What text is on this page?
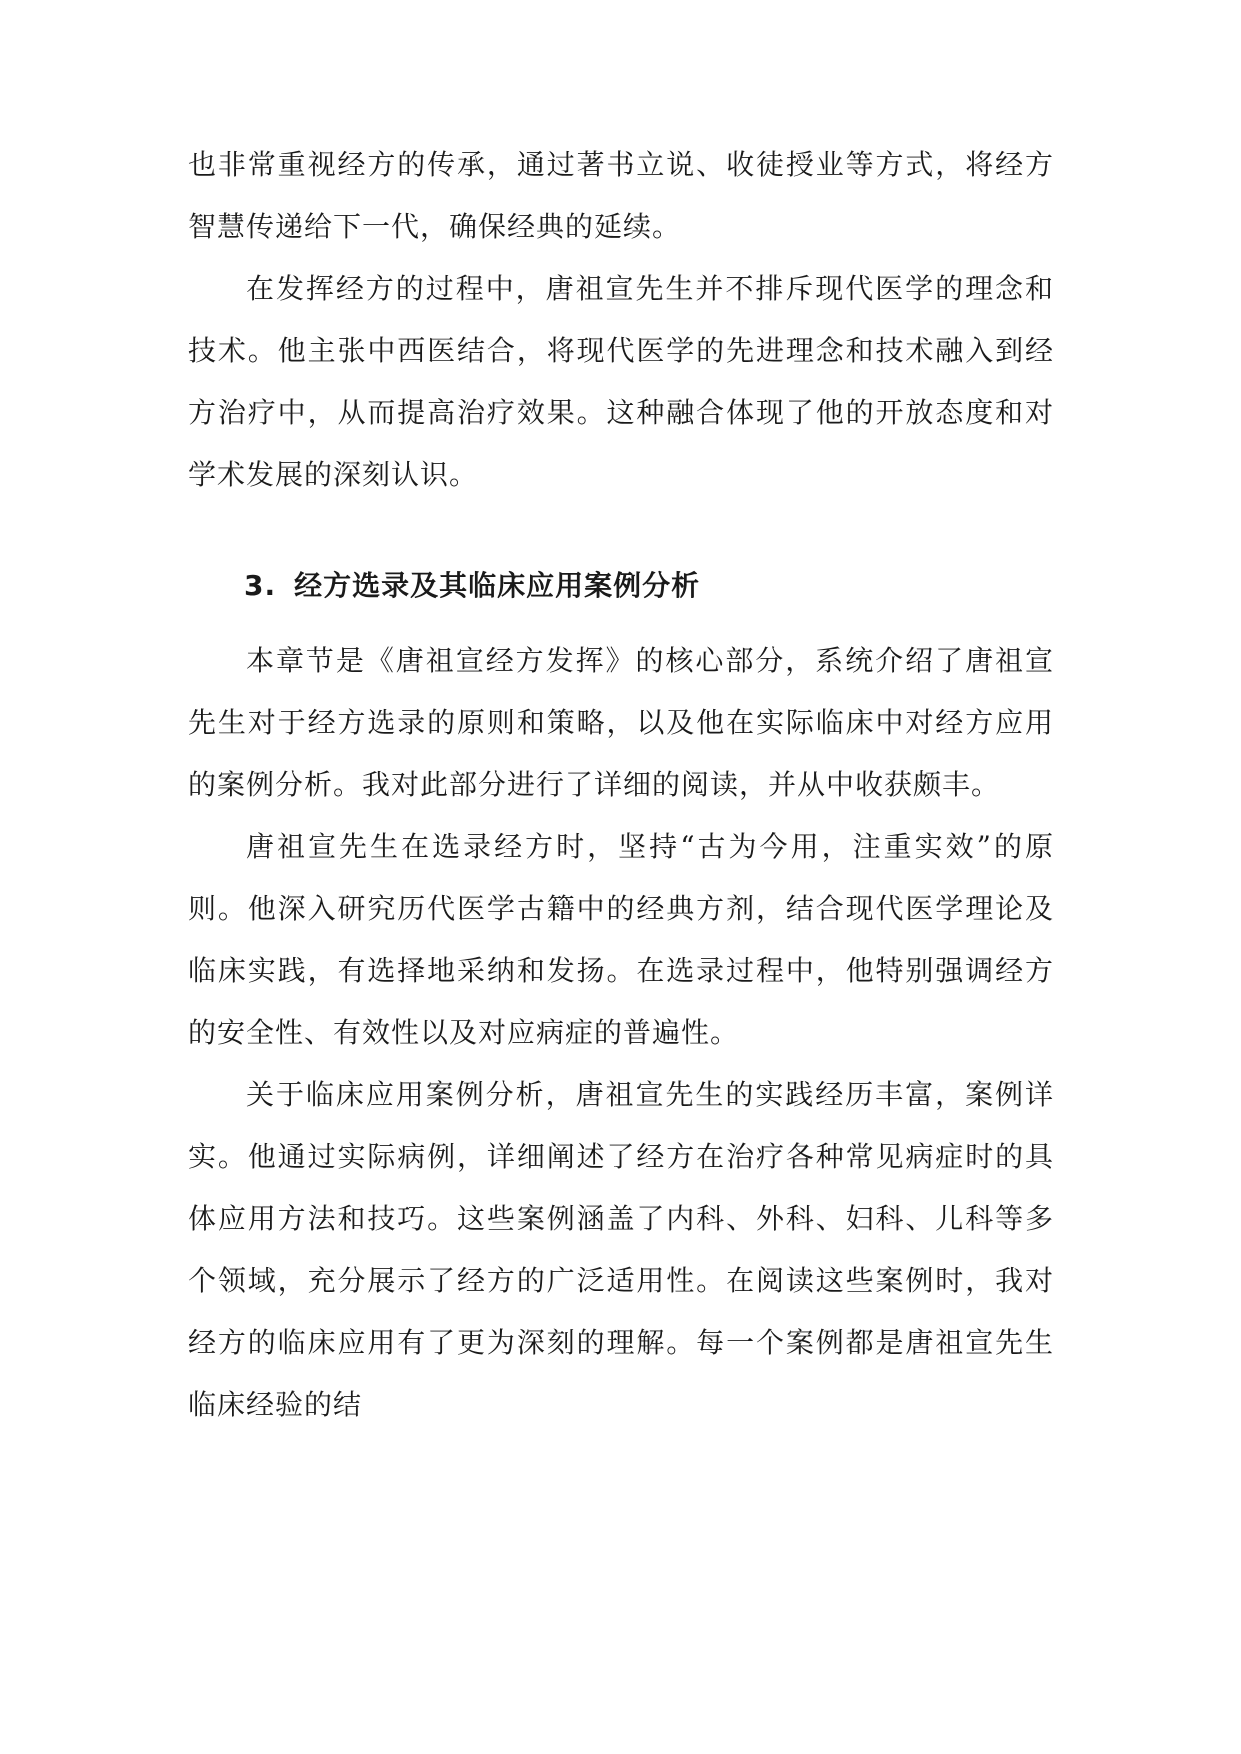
也非常重视经方的传承，通过著书立说、收徒授业等方式，将经方智慧传递给下一代，确保经典的延续。

在发挥经方的过程中，唐祖宣先生并不排斥现代医学的理念和技术。他主张中西医结合，将现代医学的先进理念和技术融入到经方治疗中，从而提高治疗效果。这种融合体现了他的开放态度和对学术发展的深刻认识。

3. 经方选录及其临床应用案例分析

本章节是《唐祖宣经方发挥》的核心部分，系统介绍了唐祖宣先生对于经方选录的原则和策略，以及他在实际临床中对经方应用的案例分析。我对此部分进行了详细的阅读，并从中收获颇丰。

唐祖宣先生在选录经方时，坚持“古为今用，注重实效”的原则。他深入研究历代医学古籍中的经典方剂，结合现代医学理论及临床实践，有选择地采纳和发扬。在选录过程中，他特别强调经方的安全性、有效性以及对应病症的普遍性。

关于临床应用案例分析，唐祖宣先生的实践经历丰富，案例详实。他通过实际病例，详细阐述了经方在治疗各种常见病症时的具体应用方法和技巧。这些案例涵盖了内科、外科、妇科、儿科等多个领域，充分展示了经方的广泛适用性。在阅读这些案例时，我对经方的临床应用有了更为深刻的理解。每一个案例都是唐祖宣先生临床经验的结
